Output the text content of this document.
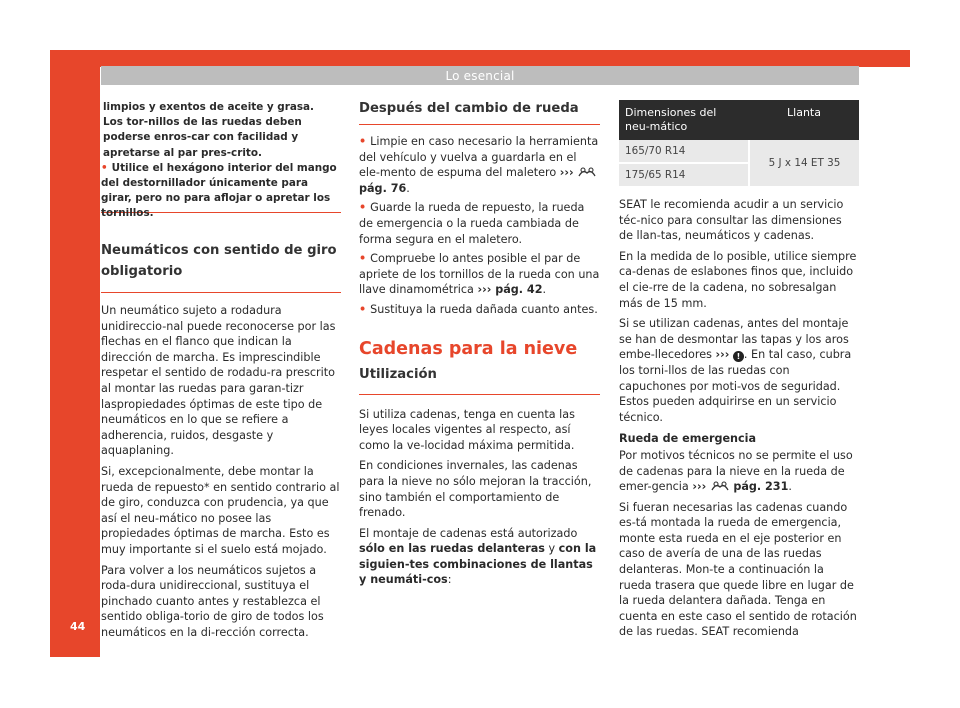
Lo esencial

limpios y exentos de aceite y grasa. Los tor-nillos de las ruedas deben poderse enros-car con facilidad y apretarse al par pres-crito.

• Utilice el hexágono interior del mango del destornillador únicamente para girar, pero no para aflojar o apretar los tornillos.

Neumáticos con sentido de giro obligatorio

Un neumático sujeto a rodadura unidireccio-nal puede reconocerse por las flechas en el flanco que indican la dirección de marcha. Es imprescindible respetar el sentido de rodadu-ra prescrito al montar las ruedas para garan-tizr laspropiedades óptimas de este tipo de neumáticos en lo que se refiere a adherencia, ruidos, desgaste y aquaplaning.

Si, excepcionalmente, debe montar la rueda de repuesto* en sentido contrario al de giro, conduzca con prudencia, ya que así el neu-mático no posee las propiedades óptimas de marcha. Esto es muy importante si el suelo está mojado.

Para volver a los neumáticos sujetos a roda-dura unidireccional, sustituya el pinchado cuanto antes y restablezca el sentido obliga-torio de giro de todos los neumáticos en la di-rección correcta.

Después del cambio de rueda

• Limpie en caso necesario la herramienta del vehículo y vuelva a guardarla en el ele-mento de espuma del maletero ›››  pág. 76.

• Guarde la rueda de repuesto, la rueda de emergencia o la rueda cambiada de forma segura en el maletero.

• Compruebe lo antes posible el par de apriete de los tornillos de la rueda con una llave dinamométrica ››› pág. 42.

• Sustituya la rueda dañada cuanto antes.

Cadenas para la nieve
Utilización

Si utiliza cadenas, tenga en cuenta las leyes locales vigentes al respecto, así como la ve-locidad máxima permitida.

En condiciones invernales, las cadenas para la nieve no sólo mejoran la tracción, sino también el comportamiento de frenado.

El montaje de cadenas está autorizado sólo en las ruedas delanteras y con la siguien-tes combinaciones de llantas y neumáti-cos:

Dimensiones del neu-mático	Llanta
165/70 R14	5 J x 14 ET 35
175/65 R14	

SEAT le recomienda acudir a un servicio téc-nico para consultar las dimensiones de llan-tas, neumáticos y cadenas.

En la medida de lo posible, utilice siempre ca-denas de eslabones finos que, incluido el cie-rre de la cadena, no sobresalgan más de 15 mm.

Si se utilizan cadenas, antes del montaje se han de desmontar las tapas y los aros embe-llecedores ››› ! . En tal caso, cubra los torni-llos de las ruedas con capuchones por moti-vos de seguridad. Estos pueden adquirirse en un servicio técnico.

Rueda de emergencia

Por motivos técnicos no se permite el uso de cadenas para la nieve en la rueda de emer-gencia ››› pág. 231.

Si fueran necesarias las cadenas cuando es-tá montada la rueda de emergencia, monte esta rueda en el eje posterior en caso de avería de una de las ruedas delanteras. Mon-te a continuación la rueda trasera que quede libre en lugar de la rueda delantera dañada. Tenga en cuenta en este caso el sentido de rotación de las ruedas. SEAT recomienda

44
